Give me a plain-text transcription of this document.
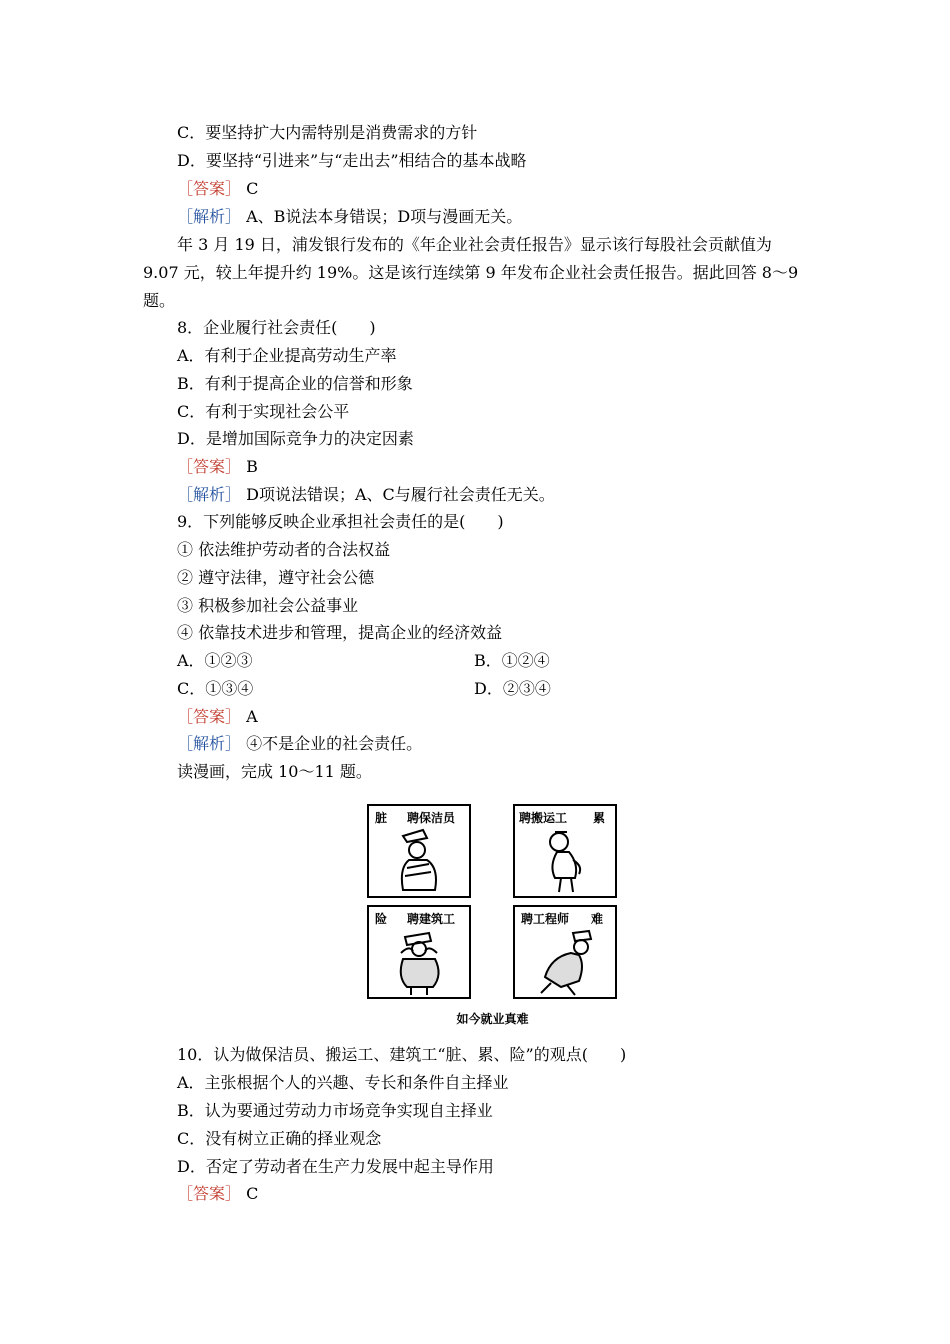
C．要坚持扩大内需特别是消费需求的方针
D．要坚持“引进来”与“走出去”相结合的基本战略
［答案］ C
［解析］ A、B说法本身错误；D项与漫画无关。
年 3 月 19 日，浦发银行发布的《年企业社会责任报告》显示该行每股社会贡献值为
9.07 元，较上年提升约 19%。这是该行连续第 9 年发布企业社会责任报告。据此回答 8～9
题。
8．企业履行社会责任(　　)
A．有利于企业提高劳动生产率
B．有利于提高企业的信誉和形象
C．有利于实现社会公平
D．是增加国际竞争力的决定因素
［答案］ B
［解析］ D项说法错误；A、C与履行社会责任无关。
9．下列能够反映企业承担社会责任的是(　　)
① 依法维护劳动者的合法权益
② 遵守法律，遵守社会公德
③ 积极参加社会公益事业
④ 依靠技术进步和管理，提高企业的经济效益
A．①②③	B．①②④
C．①③④	D．②③④
［答案］ A
［解析］ ④不是企业的社会责任。
读漫画，完成 10～11 题。
脏 聘保洁员	聘搬运工 累
险 聘建筑工	聘工程师 难
如今就业真难
10．认为做保洁员、搬运工、建筑工“脏、累、险”的观点(　　)
A．主张根据个人的兴趣、专长和条件自主择业
B．认为要通过劳动力市场竞争实现自主择业
C．没有树立正确的择业观念
D．否定了劳动者在生产力发展中起主导作用
［答案］ C
